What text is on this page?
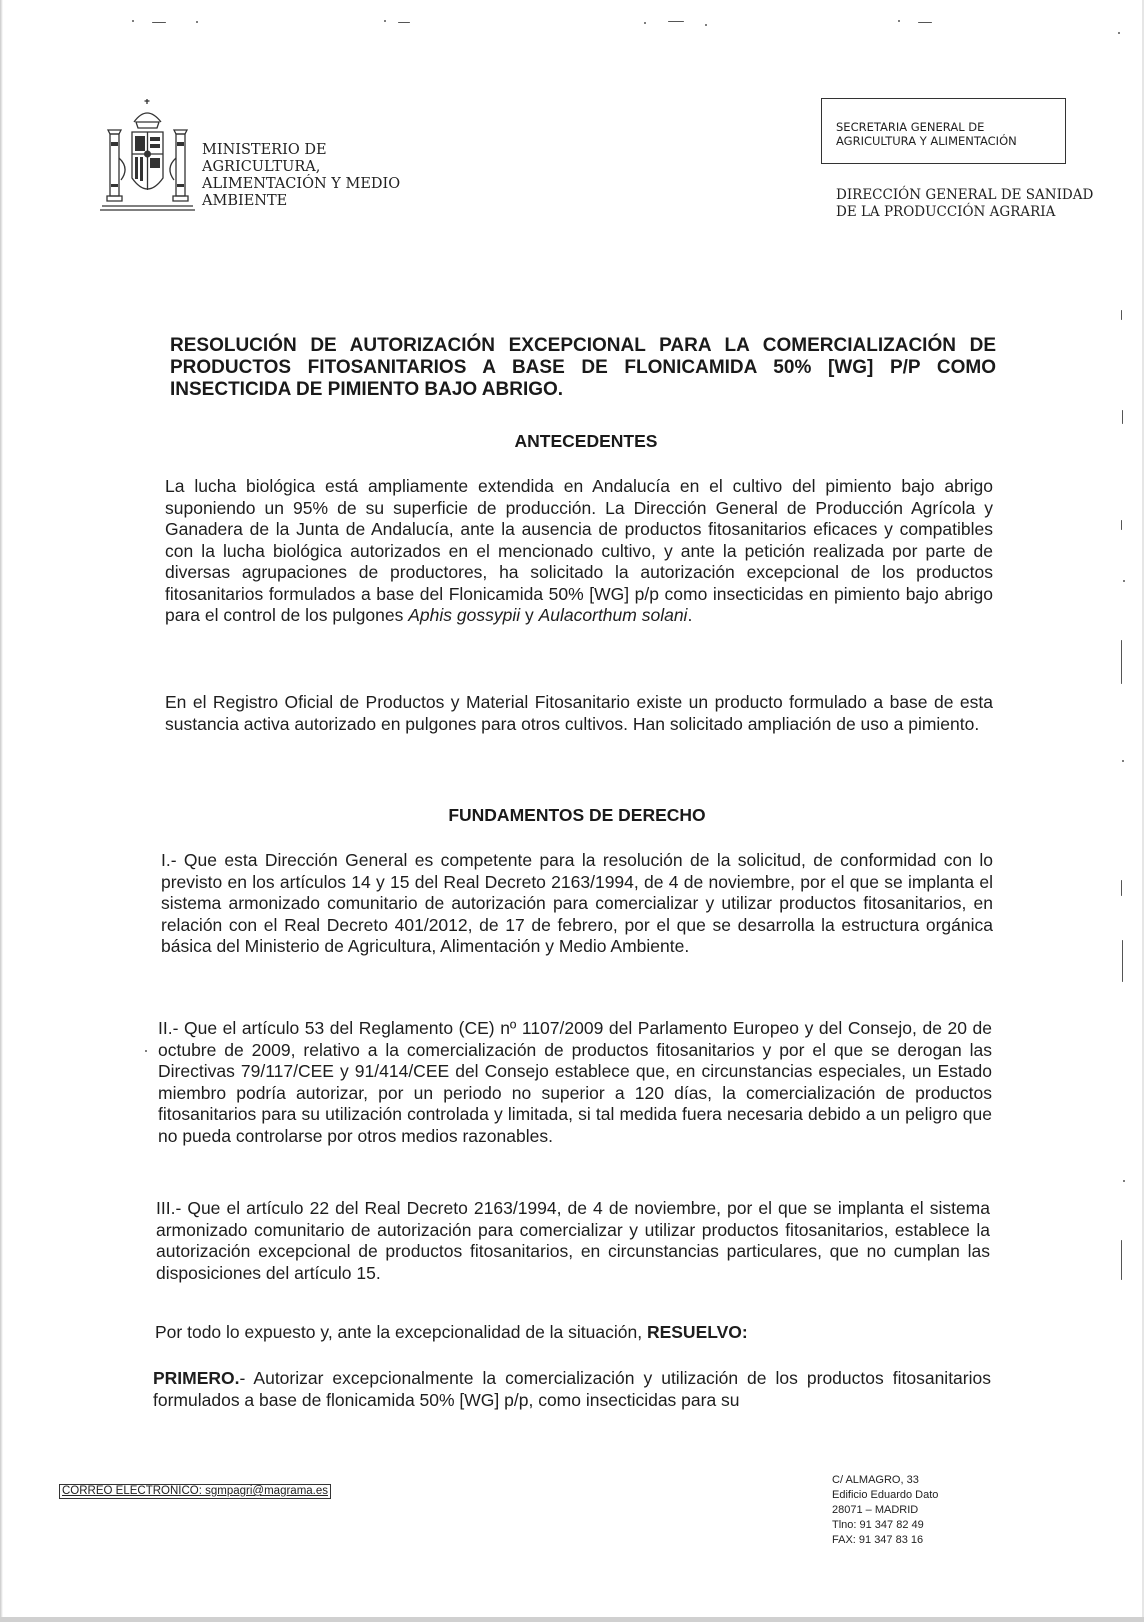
MINISTERIO DE
AGRICULTURA,
ALIMENTACIÓN Y MEDIO
AMBIENTE
SECRETARIA GENERAL DE
AGRICULTURA Y ALIMENTACIÓN
DIRECCIÓN GENERAL DE SANIDAD
DE LA PRODUCCIÓN AGRARIA
RESOLUCIÓN DE AUTORIZACIÓN EXCEPCIONAL PARA LA COMERCIALIZACIÓN DE PRODUCTOS FITOSANITARIOS A BASE DE FLONICAMIDA 50% [WG] P/P COMO INSECTICIDA DE PIMIENTO BAJO ABRIGO.
ANTECEDENTES
La lucha biológica está ampliamente extendida en Andalucía en el cultivo del pimiento bajo abrigo suponiendo un 95% de su superficie de producción. La Dirección General de Producción Agrícola y Ganadera de la Junta de Andalucía, ante la ausencia de productos fitosanitarios eficaces y compatibles con la lucha biológica autorizados en el mencionado cultivo, y ante la petición realizada por parte de diversas agrupaciones de productores, ha solicitado la autorización excepcional de los productos fitosanitarios formulados a base del Flonicamida 50% [WG] p/p como insecticidas en pimiento bajo abrigo para el control de los pulgones Aphis gossypii y Aulacorthum solani.
En el Registro Oficial de Productos y Material Fitosanitario existe un producto formulado a base de esta sustancia activa autorizado en pulgones para otros cultivos. Han solicitado ampliación de uso a pimiento.
FUNDAMENTOS DE DERECHO
I.- Que esta Dirección General es competente para la resolución de la solicitud, de conformidad con lo previsto en los artículos 14 y 15 del Real Decreto 2163/1994, de 4 de noviembre, por el que se implanta el sistema armonizado comunitario de autorización para comercializar y utilizar productos fitosanitarios, en relación con el Real Decreto 401/2012, de 17 de febrero, por el que se desarrolla la estructura orgánica básica del Ministerio de Agricultura, Alimentación y Medio Ambiente.
II.- Que el artículo 53 del Reglamento (CE) nº 1107/2009 del Parlamento Europeo y del Consejo, de 20 de octubre de 2009, relativo a la comercialización de productos fitosanitarios y por el que se derogan las Directivas 79/117/CEE y 91/414/CEE del Consejo establece que, en circunstancias especiales, un Estado miembro podría autorizar, por un periodo no superior a 120 días, la comercialización de productos fitosanitarios para su utilización controlada y limitada, si tal medida fuera necesaria debido a un peligro que no pueda controlarse por otros medios razonables.
III.- Que el artículo 22 del Real Decreto 2163/1994, de 4 de noviembre, por el que se implanta el sistema armonizado comunitario de autorización para comercializar y utilizar productos fitosanitarios, establece la autorización excepcional de productos fitosanitarios, en circunstancias particulares, que no cumplan las disposiciones del artículo 15.
Por todo lo expuesto y, ante la excepcionalidad de la situación, RESUELVO:
PRIMERO.- Autorizar excepcionalmente la comercialización y utilización de los productos fitosanitarios formulados a base de flonicamida 50% [WG] p/p, como insecticidas para su
CORREO ELECTRONICO: sgmpagri@magrama.es
C/ ALMAGRO, 33
Edificio Eduardo Dato
28071 – MADRID
Tlno: 91 347 82 49
FAX: 91 347 83 16
